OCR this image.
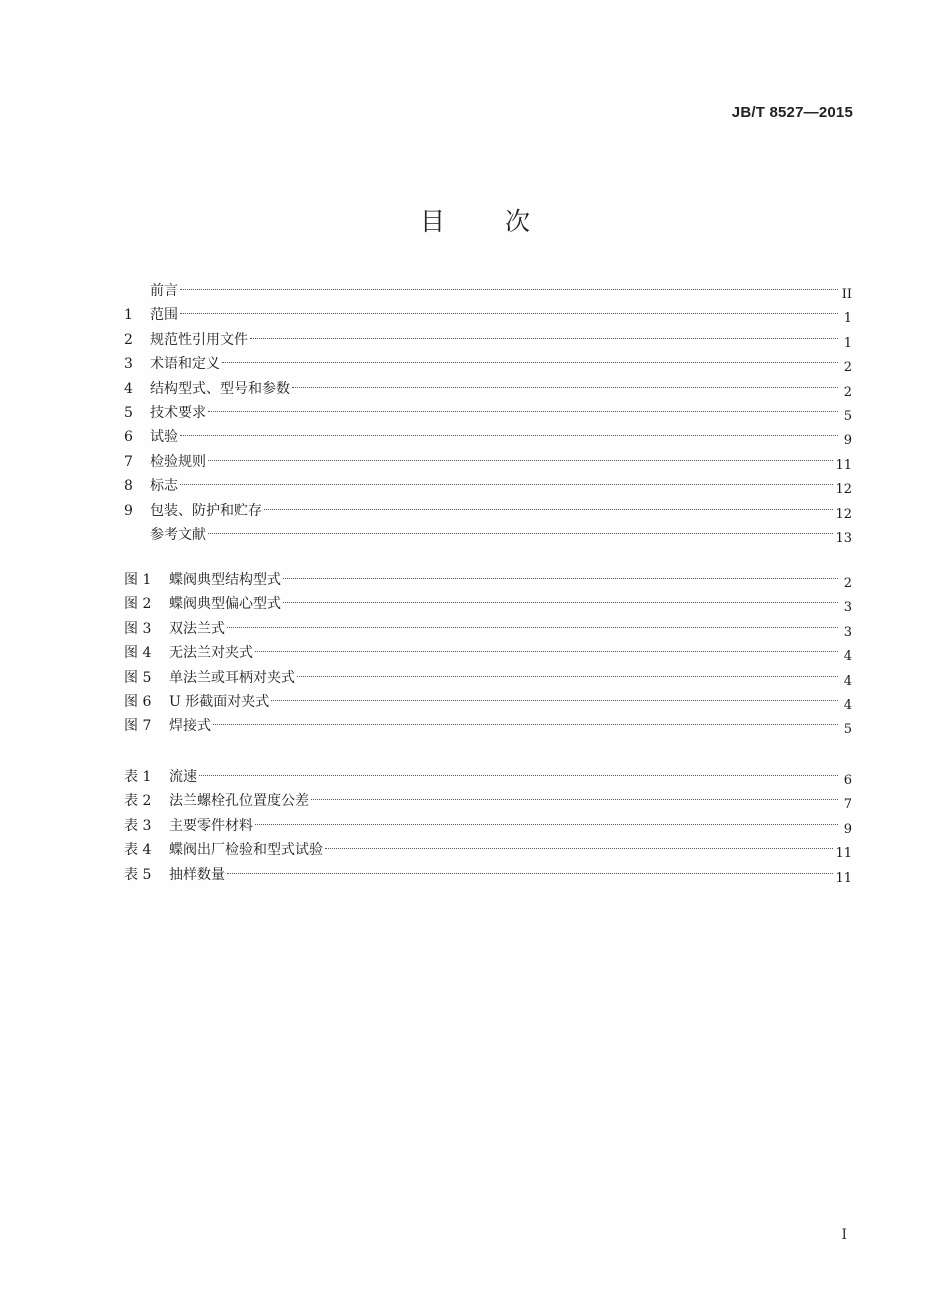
JB/T 8527—2015
目次
前言	II
1	范围	1
2	规范性引用文件	1
3	术语和定义	2
4	结构型式、型号和参数	2
5	技术要求	5
6	试验	9
7	检验规则	11
8	标志	12
9	包装、防护和贮存	12
参考文献	13
图 1	蝶阀典型结构型式	2
图 2	蝶阀典型偏心型式	3
图 3	双法兰式	3
图 4	无法兰对夹式	4
图 5	单法兰或耳柄对夹式	4
图 6	U 形截面对夹式	4
图 7	焊接式	5
表 1	流速	6
表 2	法兰螺栓孔位置度公差	7
表 3	主要零件材料	9
表 4	蝶阀出厂检验和型式试验	11
表 5	抽样数量	11
I
